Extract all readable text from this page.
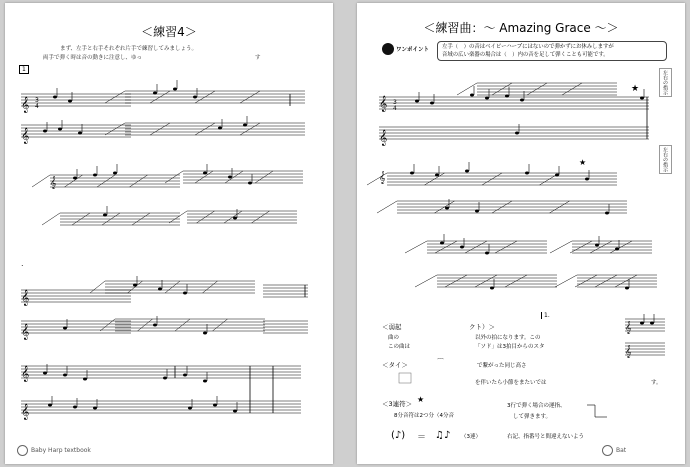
＜練習4＞
まず、左手と右手それぞれ片手で練習してみましょう。
両手で弾く時は音の動きに注意し、ゆっ	す
1
.
𝄞
𝄞
3
4
𝄞
𝄞
𝄞
𝄞
𝄞
Baby Harp textbook
＜練習曲：～ Amazing Grace ～＞
ワンポイント 左手（　）の音はベイビーハープにはないので弾かずにお休みしますが
音域の広い楽器の場合は（　）内の音を足して弾くことも可能です。
左右の指示
左右の指示
1.
𝄞
𝄞
3
4
★
𝄞
★
𝄞
𝄞
⌒
★
(♪)	♫♪
＜弱起	クト）＞
曲の	以外の拍になります。この
この曲は	「ソド」は3拍目からのスタ
＜タイ＞	で繋がった同じ高さ
を伴いたら小節をまたいでは	す。
＜3連符＞
8分音符は2つ分（4分音
＝	（3連）
3行で弾く場合の運指、
して弾きます。
右記、指番号と間違えないよう
Bat
